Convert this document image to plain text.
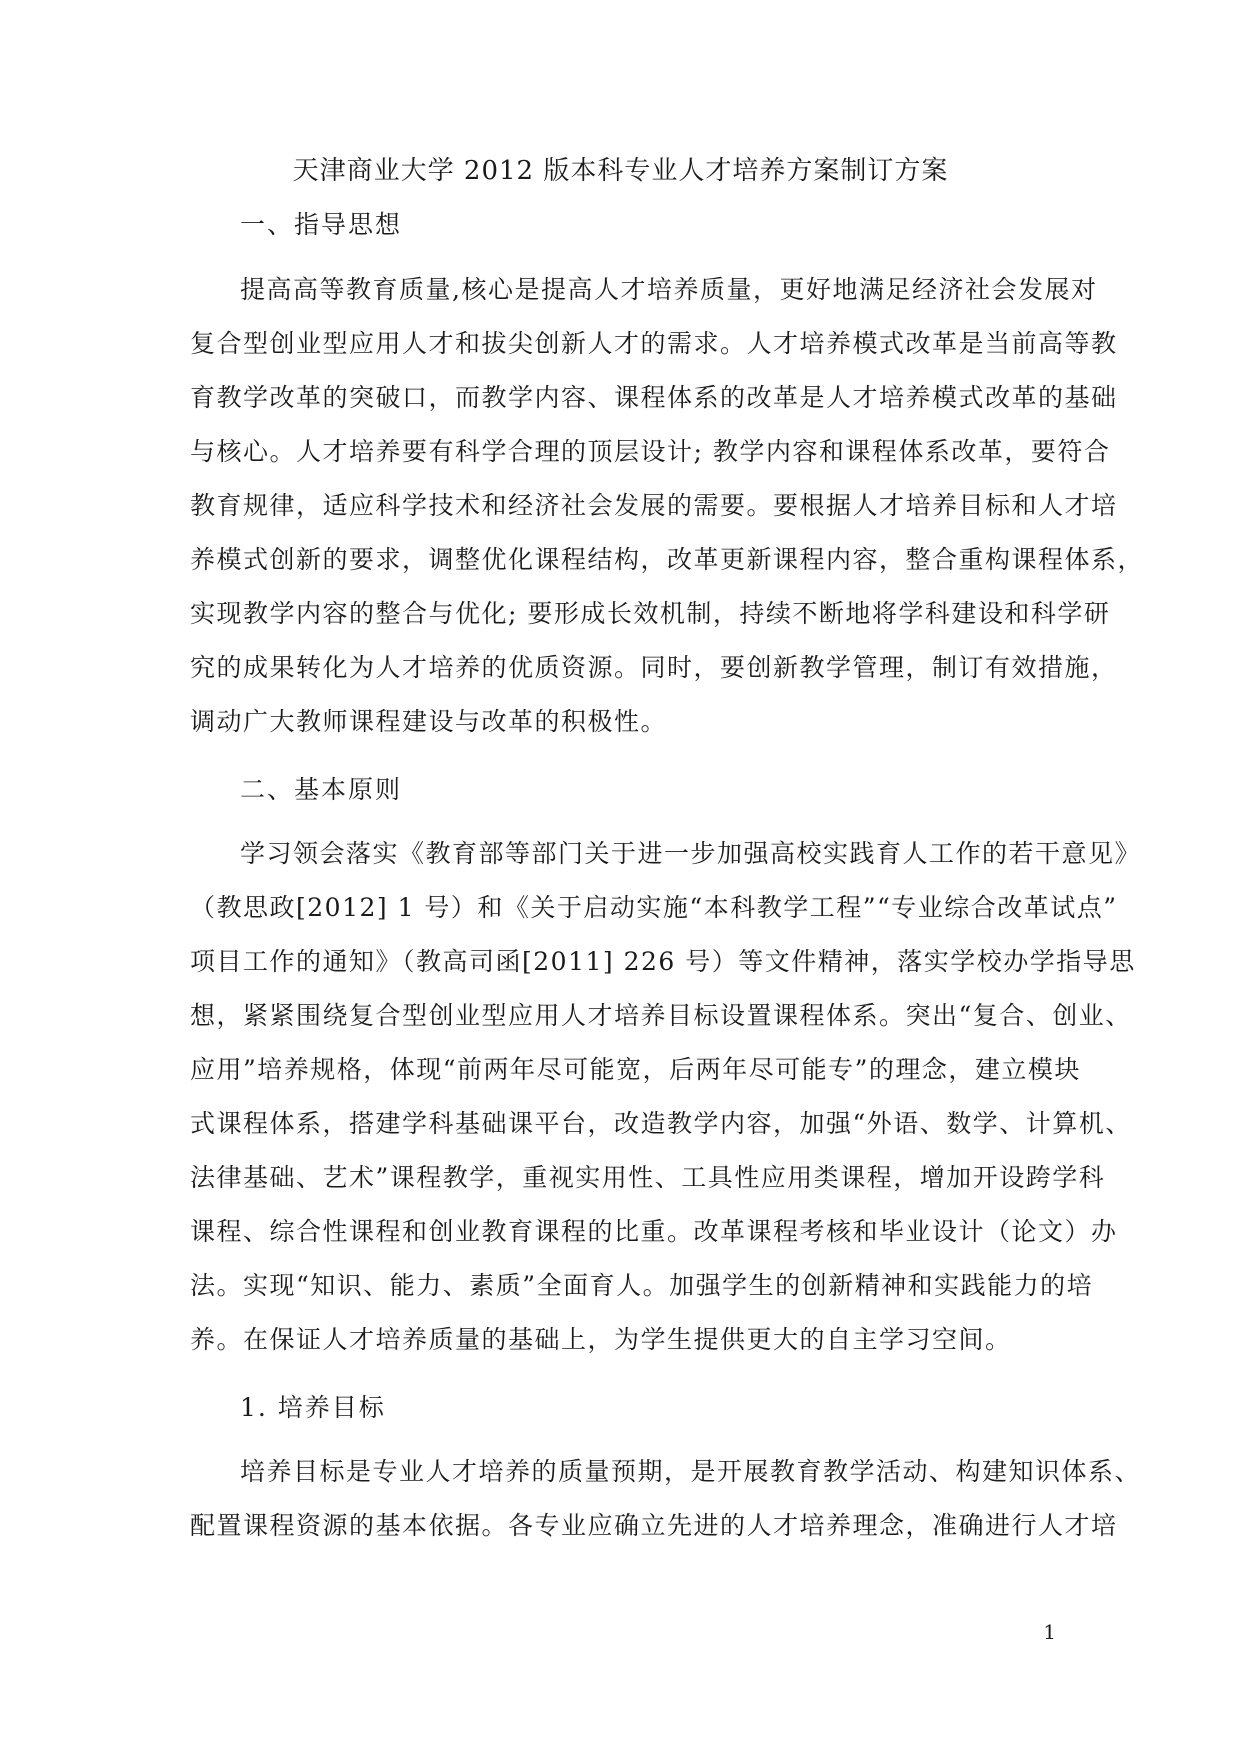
天津商业大学 2012 版本科专业人才培养方案制订方案
一、指导思想
提高高等教育质量,核心是提高人才培养质量，更好地满足经济社会发展对
复合型创业型应用人才和拔尖创新人才的需求。人才培养模式改革是当前高等教
育教学改革的突破口，而教学内容、课程体系的改革是人才培养模式改革的基础
与核心。人才培养要有科学合理的顶层设计; 教学内容和课程体系改革，要符合
教育规律，适应科学技术和经济社会发展的需要。要根据人才培养目标和人才培
养模式创新的要求，调整优化课程结构，改革更新课程内容，整合重构课程体系，
实现教学内容的整合与优化; 要形成长效机制，持续不断地将学科建设和科学研
究的成果转化为人才培养的优质资源。同时，要创新教学管理，制订有效措施，
调动广大教师课程建设与改革的积极性。
二、基本原则
学习领会落实《教育部等部门关于进一步加强高校实践育人工作的若干意见》
（教思政[2012] 1 号）和《关于启动实施“本科教学工程”“专业综合改革试点”
项目工作的通知》（教高司函[2011] 226 号）等文件精神，落实学校办学指导思
想，紧紧围绕复合型创业型应用人才培养目标设置课程体系。突出“复合、创业、
应用”培养规格，体现“前两年尽可能宽，后两年尽可能专”的理念，建立模块
式课程体系，搭建学科基础课平台，改造教学内容，加强“外语、数学、计算机、
法律基础、艺术”课程教学，重视实用性、工具性应用类课程，增加开设跨学科
课程、综合性课程和创业教育课程的比重。改革课程考核和毕业设计（论文）办
法。实现“知识、能力、素质”全面育人。加强学生的创新精神和实践能力的培
养。在保证人才培养质量的基础上，为学生提供更大的自主学习空间。
1. 培养目标
培养目标是专业人才培养的质量预期，是开展教育教学活动、构建知识体系、
配置课程资源的基本依据。各专业应确立先进的人才培养理念，准确进行人才培
1
